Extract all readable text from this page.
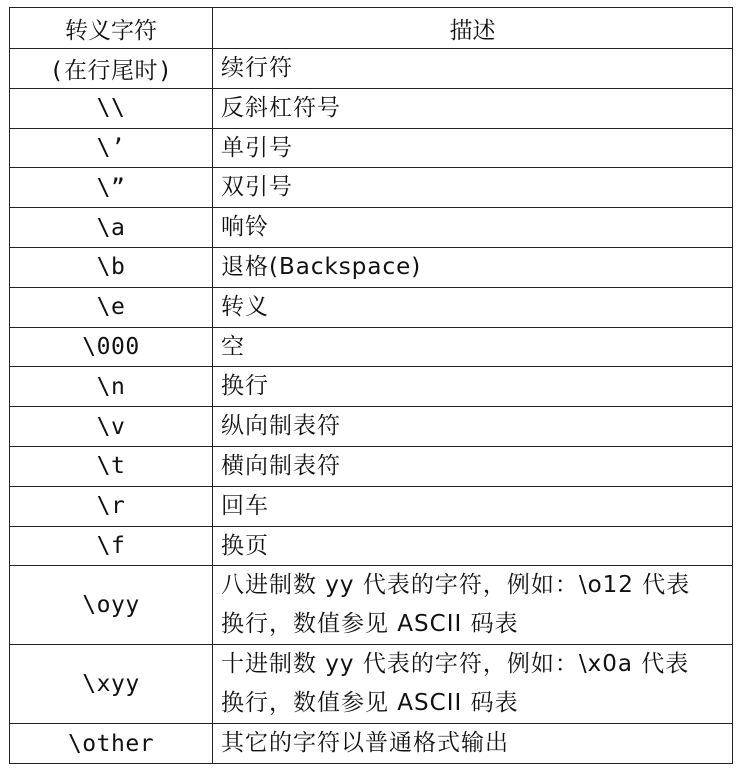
转义字符	描述
(在行尾时)	续行符
\\	反斜杠符号
\’	单引号
\”	双引号
\a	响铃
\b	退格(Backspace)
\e	转义
\000	空
\n	换行
\v	纵向制表符
\t	横向制表符
\r	回车
\f	换页
\oyy	八进制数 yy 代表的字符，例如：\o12 代表
换行，数值参见 ASCII 码表
\xyy	十进制数 yy 代表的字符，例如：\x0a 代表
换行，数值参见 ASCII 码表
\other	其它的字符以普通格式输出
